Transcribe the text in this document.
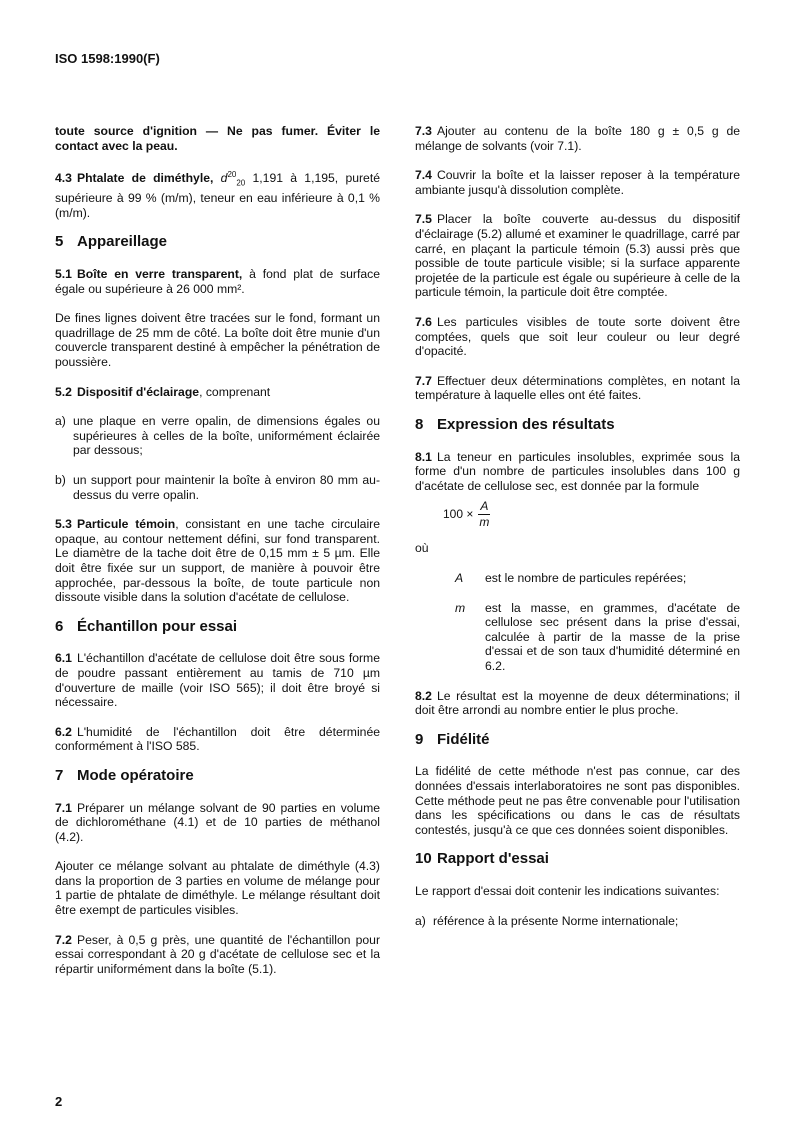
ISO 1598:1990(F)

toute source d'ignition — Ne pas fumer. Éviter le contact avec la peau.

4.3 Phtalate de diméthyle, $d^{20}_{20}$ 1,191 à 1,195, pureté supérieure à 99 % (m/m), teneur en eau inférieure à 0,1 % (m/m).

5 Appareillage

5.1 Boîte en verre transparent, à fond plat de surface égale ou supérieure à 26 000 mm².

De fines lignes doivent être tracées sur le fond, formant un quadrillage de 25 mm de côté. La boîte doit être munie d'un couvercle transparent destiné à empêcher la pénétration de poussière.

5.2 Dispositif d'éclairage, comprenant

a) une plaque en verre opalin, de dimensions égales ou supérieures à celles de la boîte, uniformément éclairée par dessous;
b) un support pour maintenir la boîte à environ 80 mm au-dessus du verre opalin.

5.3 Particule témoin, consistant en une tache circulaire opaque, au contour nettement défini, sur fond transparent. Le diamètre de la tache doit être de 0,15 mm ± 5 µm. Elle doit être fixée sur un support, de manière à pouvoir être approchée, par-dessous la boîte, de toute particule non dissoute visible dans la solution d'acétate de cellulose.

6 Échantillon pour essai

6.1 L'échantillon d'acétate de cellulose doit être sous forme de poudre passant entièrement au tamis de 710 µm d'ouverture de maille (voir ISO 565); il doit être broyé si nécessaire.

6.2 L'humidité de l'échantillon doit être déterminée conformément à l'ISO 585.

7 Mode opératoire

7.1 Préparer un mélange solvant de 90 parties en volume de dichlorométhane (4.1) et de 10 parties de méthanol (4.2).

Ajouter ce mélange solvant au phtalate de diméthyle (4.3) dans la proportion de 3 parties en volume de mélange pour 1 partie de phtalate de diméthyle. Le mélange résultant doit être exempt de particules visibles.

7.2 Peser, à 0,5 g près, une quantité de l'échantillon pour essai correspondant à 20 g d'acétate de cellulose sec et la répartir uniformément dans la boîte (5.1).

7.3 Ajouter au contenu de la boîte 180 g ± 0,5 g de mélange de solvants (voir 7.1).

7.4 Couvrir la boîte et la laisser reposer à la température ambiante jusqu'à dissolution complète.

7.5 Placer la boîte couverte au-dessus du dispositif d'éclairage (5.2) allumé et examiner le quadrillage, carré par carré, en plaçant la particule témoin (5.3) aussi près que possible de toute particule visible; si la surface apparente projetée de la particule est égale ou supérieure à celle de la particule témoin, la particule doit être comptée.

7.6 Les particules visibles de toute sorte doivent être comptées, quels que soit leur couleur ou leur degré d'opacité.

7.7 Effectuer deux déterminations complètes, en notant la température à laquelle elles ont été faites.

8 Expression des résultats

8.1 La teneur en particules insolubles, exprimée sous la forme d'un nombre de particules insolubles dans 100 g d'acétate de cellulose sec, est donnée par la formule

$100 \times \frac{A}{m}$

où

A	est le nombre de particules repérées;
m	est la masse, en grammes, d'acétate de cellulose sec présent dans la prise d'essai, calculée à partir de la masse de la prise d'essai et de son taux d'humidité déterminé en 6.2.

8.2 Le résultat est la moyenne de deux déterminations; il doit être arrondi au nombre entier le plus proche.

9 Fidélité

La fidélité de cette méthode n'est pas connue, car des données d'essais interlaboratoires ne sont pas disponibles. Cette méthode peut ne pas être convenable pour l'utilisation dans les spécifications ou dans le cas de résultats contestés, jusqu'à ce que ces données soient disponibles.

10 Rapport d'essai

Le rapport d'essai doit contenir les indications suivantes:

a) référence à la présente Norme internationale;
2
